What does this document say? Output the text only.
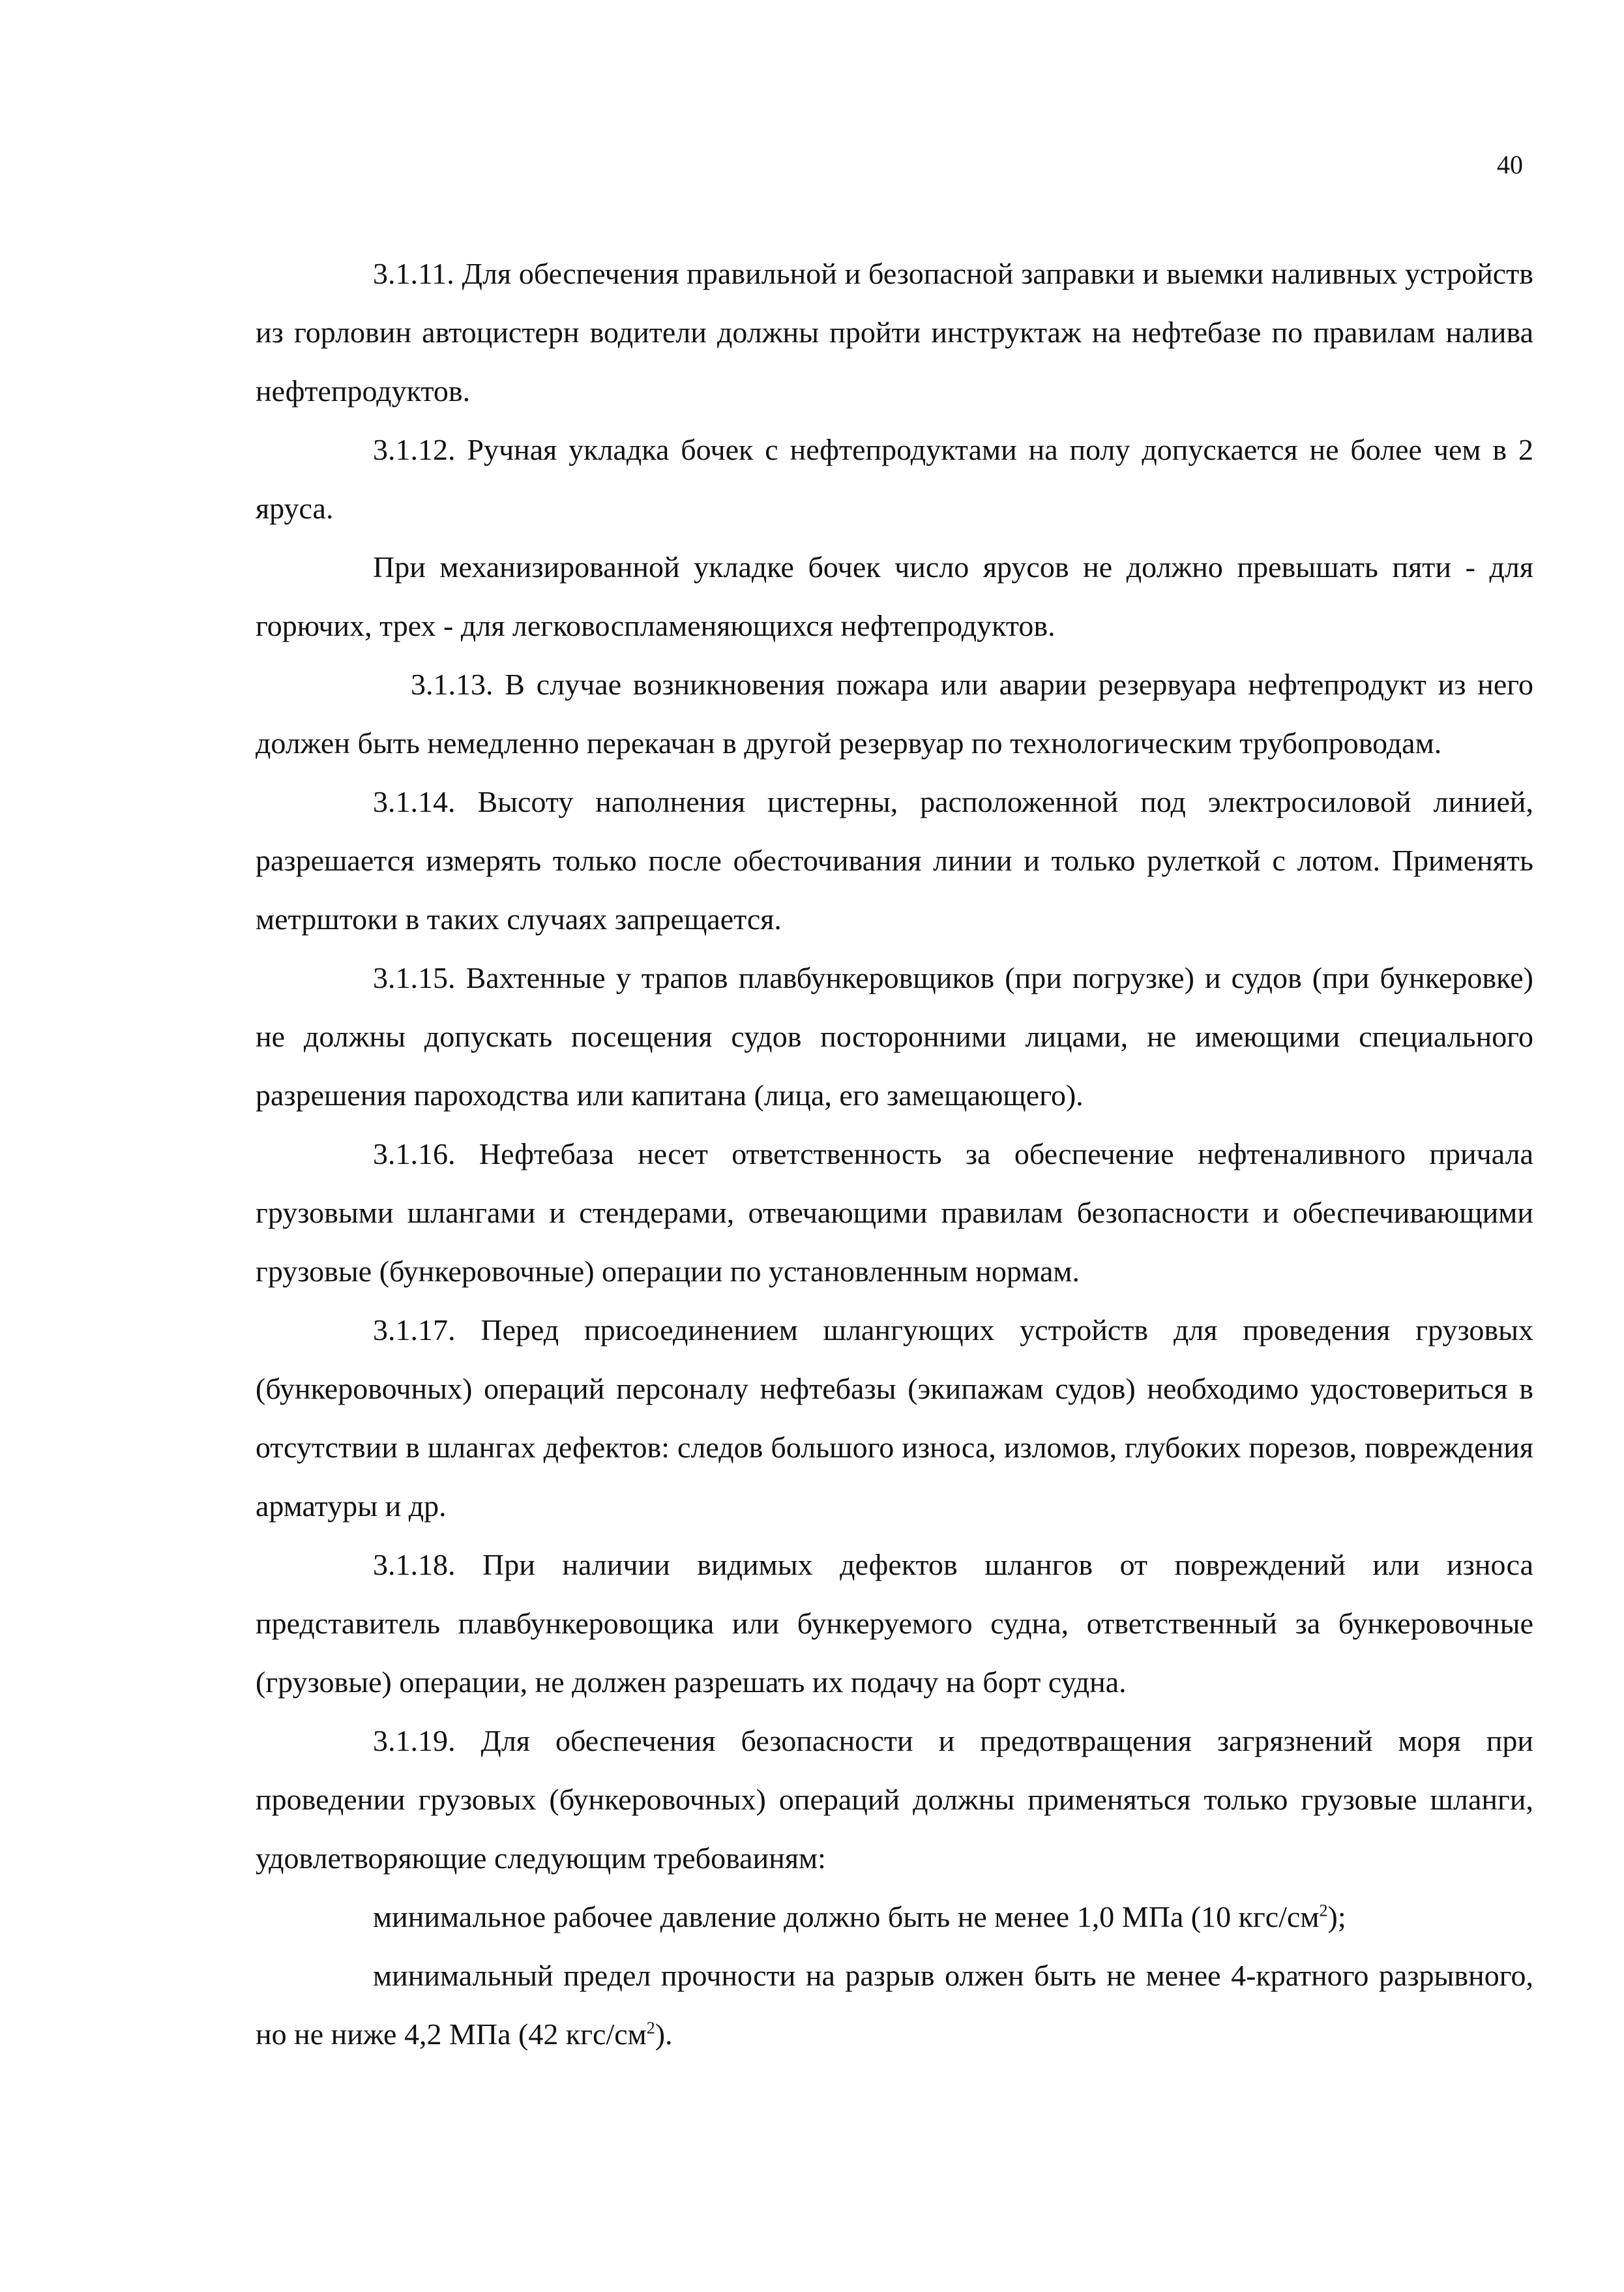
40

3.1.11. Для обеспечения правильной и безопасной заправки и выемки наливных устройств из горловин автоцистерн водители должны пройти инструктаж на нефтебазе по правилам налива нефтепродуктов.

3.1.12. Ручная укладка бочек с нефтепродуктами на полу допускается не более чем в 2 яруса.

При механизированной укладке бочек число ярусов не должно превышать пяти - для горючих, трех - для легковоспламеняющихся нефтепродуктов.

3.1.13. В случае возникновения пожара или аварии резервуара нефтепродукт из него должен быть немедленно перекачан в другой резервуар по технологическим трубопроводам.

3.1.14. Высоту наполнения цистерны, расположенной под электросиловой линией, разрешается измерять только после обесточивания линии и только рулеткой с лотом. Применять метрштоки в таких случаях запрещается.

3.1.15. Вахтенные у трапов плавбункеровщиков (при погрузке) и судов (при бункеровке) не должны допускать посещения судов посторонними лицами, не имеющими специального разрешения пароходства или капитана (лица, его замещающего).

3.1.16. Нефтебаза несет ответственность за обеспечение нефтеналивного причала грузовыми шлангами и стендерами, отвечающими правилам безопасности и обеспечивающими грузовые (бункеровочные) операции по установленным нормам.

3.1.17. Перед присоединением шлангующих устройств для проведения грузовых (бункеровочных) операций персоналу нефтебазы (экипажам судов) необходимо удостовериться в отсутствии в шлангах дефектов: следов большого износа, изломов, глубоких порезов, повреждения арматуры и др.

3.1.18. При наличии видимых дефектов шлангов от повреждений или износа представитель плавбункеровощика или бункеруемого судна, ответственный за бункеровочные (грузовые) операции, не должен разрешать их подачу на борт судна.

3.1.19. Для обеспечения безопасности и предотвращения загрязнений моря при проведении грузовых (бункеровочных) операций должны применяться только грузовые шланги, удовлетворяющие следующим требоваиням:

минимальное рабочее давление должно быть не менее 1,0 МПа (10 кгс/$см^2$);

минимальный предел прочности на разрыв олжен быть не менее 4-кратного разрывного, но не ниже 4,2 МПа (42 кгс/$см^2$).
